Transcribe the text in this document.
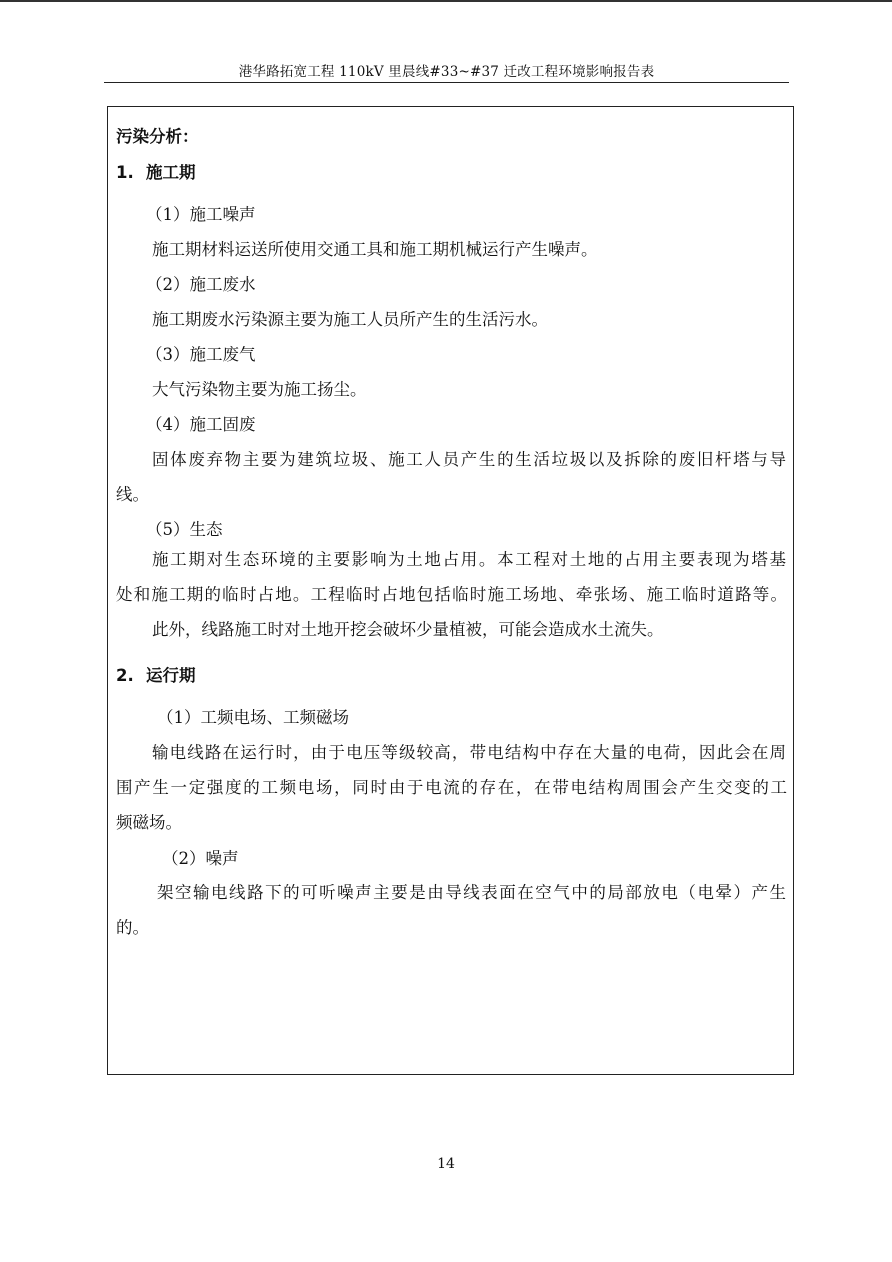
港华路拓宽工程 110kV 里晨线#33~#37 迁改工程环境影响报告表
污染分析：
1. 施工期
（1）施工噪声
施工期材料运送所使用交通工具和施工期机械运行产生噪声。
（2）施工废水
施工期废水污染源主要为施工人员所产生的生活污水。
（3）施工废气
大气污染物主要为施工扬尘。
（4）施工固废
固体废弃物主要为建筑垃圾、施工人员产生的生活垃圾以及拆除的废旧杆塔与导
线。
（5）生态
施工期对生态环境的主要影响为土地占用。本工程对土地的占用主要表现为塔基
处和施工期的临时占地。工程临时占地包括临时施工场地、牵张场、施工临时道路等。
此外，线路施工时对土地开挖会破坏少量植被，可能会造成水土流失。
2. 运行期
（1）工频电场、工频磁场
输电线路在运行时，由于电压等级较高，带电结构中存在大量的电荷，因此会在周
围产生一定强度的工频电场，同时由于电流的存在，在带电结构周围会产生交变的工
频磁场。
（2）噪声
架空输电线路下的可听噪声主要是由导线表面在空气中的局部放电（电晕）产生
的。
14
